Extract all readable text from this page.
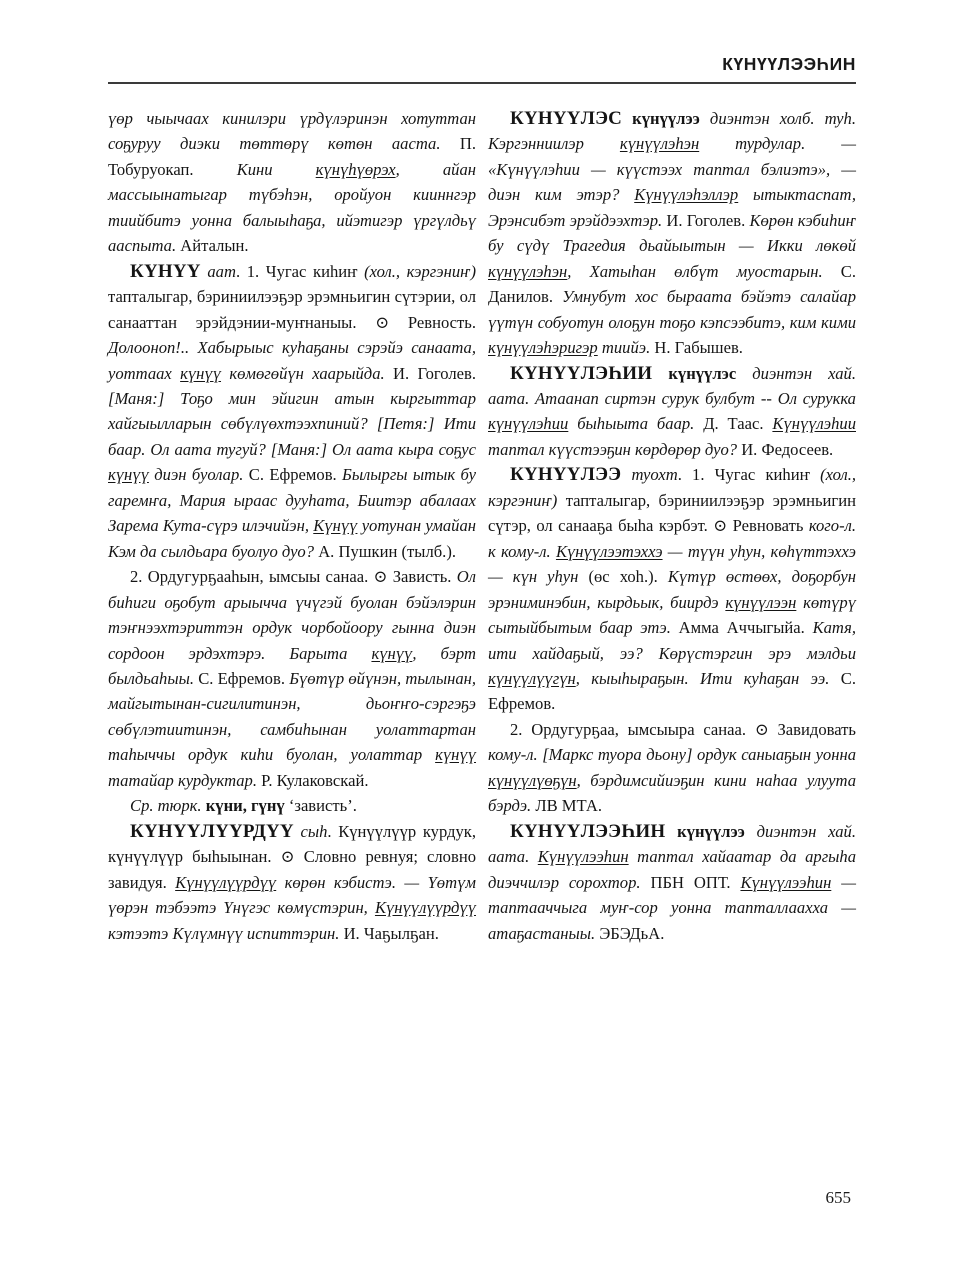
КҮНҮҮЛЭЭҺИН

үөр чыычаах кинилэри үрдүлэринэн хотуттан соҕуруу диэки төттөрү көтөн ааста. П. Тобуруокап.	Кини күнүһүөрэх, айан массыынатыгар түбэһэн, оройуон кииннгэр тиийбитэ уонна балыыһаҕа, ийэтигэр үргүлдьү ааспыта. Айталын.

КҮНҮҮ аат. 1. Чугас киһиҥ (хол., кэргэниҥ) тапталыгар, бэриниилээҕэр эрэмньигин сүтэрии, ол санааттан эрэйдэнии-муҥнаныы. ⊙ Ревность. Долооноп!.. Хабырыыс куһаҕаны сэрэйэ санаата, уоттаах күнүү көмөгөйүн хаарыйда. И. Гоголев. [Маня:] Тоҕо мин эйигин атын кыргыттар хайгыылларын сөбүлүөхтээхпиний? [Петя:] Ити баар. Ол аата тугуй? [Маня:] Ол аата кыра соҕус күнүү диэн буолар. С. Ефремов. Былыргы ытык бу гаремҥа, Мария ыраас дууһата, Биитэр абалаах Зарема Кута-сүрэ илэчийэн, Күнүү уотунан умайан Кэм да сылдьара буолуо дуо? А. Пушкин (тылб.).

2. Ордугурҕааһын, ымсыы санаа. ⊙ Зависть. Ол биһиги оҕобут арыычча үчүгэй буолан бэйэлэрин тэҥнээхтэриттэн ордук чорбойоору гынна диэн сордоон эрдэхтэрэ. Барыта күнүү, бэрт былдьаһыы. С. Ефремов. Бүөтүр өйүнэн, тылынан, майгытынан-сигилитинэн, дьоҥҥо-сэргэҕэ сөбүлэтиитинэн, самбиһынан уолаттартан таһыччы ордук киһи буолан, уолаттар күнүү татайар курдуктар. Р. Кулаковскай.

Ср. тюрк. күни, гүнү ‘зависть’.

КҮНҮҮЛҮҮРДҮҮ сыһ. Күнүүлүүр курдук, күнүүлүүр быһыынан. ⊙ Словно ревнуя; словно завидуя. Күнүүлүүрдүү көрөн кэбистэ. — Үөтүм үөрэн тэбээтэ Үнүгэс көмүстэрин, Күнүүлүүрдүү кэтээтэ Күлүмнүү испиттэрин. И. Чаҕылҕан.

КҮНҮҮЛЭС күнүүлээ диэнтэн холб. туһ. Кэргэнниилэр күнүүлэһэн турдулар. — «Күнүүлэһии — күүстээх таптал бэлиэтэ», — диэн ким этэр? Күнүүлэһэллэр ытыктаспат, Эрэнсибэт эрэйдээхтэр. И. Гоголев. Көрөн кэбиһиҥ бу сүдү Трагедия дьайыытын — Икки лөкөй күнүүлэһэн, Хатыһан өлбүт муостарын. С. Данилов. Умнубут хос быраата бэйэтэ салайар үүтүн собуотун олоҕун тоҕо кэпсээбитэ, ким кими күнүүлэһэригэр тиийэ. Н. Габышев.

КҮНҮҮЛЭҺИИ күнүүлэс диэнтэн хай. аата. Атаанап сиртэн сурук булбут -- Ол сурукка күнүүлэһии быһыыта баар. Д. Таас. Күнүүлэһии таптал күүстээҕин көрдөрөр дуо? И. Федосеев.

КҮНҮҮЛЭЭ туохт. 1. Чугас киһиҥ (хол., кэргэниҥ) тапталыгар, бэриниилээҕэр эрэмньигин сүтэр, ол санааҕа быһа кэрбэт. ⊙ Ревновать кого-л. к кому-л. Күнүүлээтэххэ — түүн уһун, көһүттэххэ — күн уһун (өс хоһ.). Күтүр өстөөх, доҕорбун эрэниминэбин, кырдьык, биирдэ күнүүлээн көтүрү сытыйбытым баар этэ. Амма Аччыгыйа. Катя, ити хайдаҕый, ээ? Көрүстэргин эрэ мэлдьи күнүүлүүгүн, кыыһыраҕын. Ити куһаҕан ээ. С. Ефремов.

2. Ордугурҕаа, ымсыыра санаа. ⊙ Завидовать кому-л. [Маркс туора дьону] ордук саныаҕын уонна күнүүлүөҕүн, бэрдимсийиэҕин кини наһаа улуута бэрдэ. ЛВ МТА.

КҮНҮҮЛЭЭҺИН күнүүлээ диэнтэн хай. аата. Күнүүлээһин таптал хайаатар да аргыһа диэччилэр сорохтор. ПБН ОПТ. Күнүүлээһин — таптааччыга муҥ-сор уонна тапталлаахха — атаҕастаныы. ЭБЭДьА.

655
